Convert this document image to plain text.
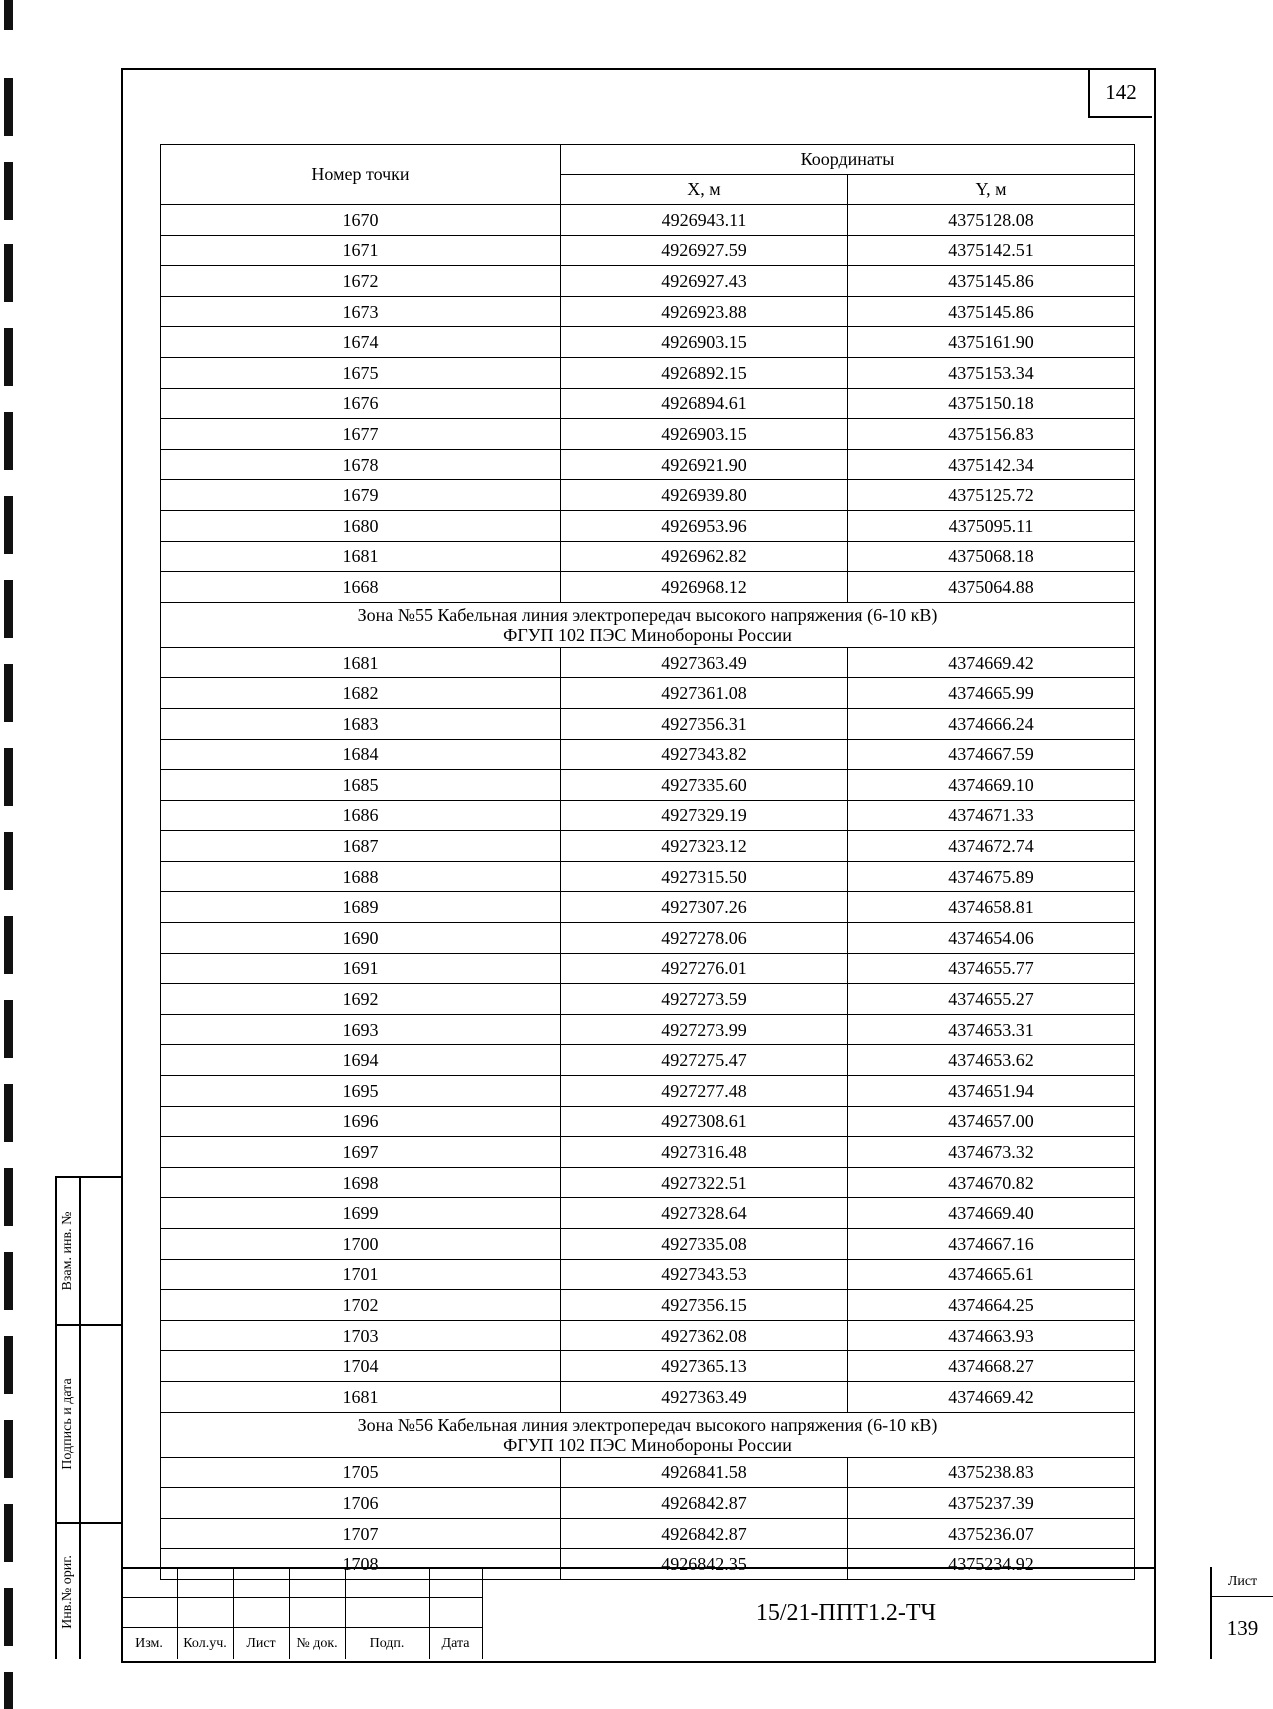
142
Взам. инв. №
Подпись и дата
Инв.№ ориг.
Номер точки	Координаты	
	X, м	Y, м
1670	4926943.11	4375128.08
1671	4926927.59	4375142.51
1672	4926927.43	4375145.86
1673	4926923.88	4375145.86
1674	4926903.15	4375161.90
1675	4926892.15	4375153.34
1676	4926894.61	4375150.18
1677	4926903.15	4375156.83
1678	4926921.90	4375142.34
1679	4926939.80	4375125.72
1680	4926953.96	4375095.11
1681	4926962.82	4375068.18
1668	4926968.12	4375064.88

Зона №55 Кабельная линия электропередач высокого напряжения (6-10 кВ)
ФГУП 102 ПЭС Минобороны России		

1681	4927363.49	4374669.42
1682	4927361.08	4374665.99
1683	4927356.31	4374666.24
1684	4927343.82	4374667.59
1685	4927335.60	4374669.10
1686	4927329.19	4374671.33
1687	4927323.12	4374672.74
1688	4927315.50	4374675.89
1689	4927307.26	4374658.81
1690	4927278.06	4374654.06
1691	4927276.01	4374655.77
1692	4927273.59	4374655.27
1693	4927273.99	4374653.31
1694	4927275.47	4374653.62
1695	4927277.48	4374651.94
1696	4927308.61	4374657.00
1697	4927316.48	4374673.32
1698	4927322.51	4374670.82
1699	4927328.64	4374669.40
1700	4927335.08	4374667.16
1701	4927343.53	4374665.61
1702	4927356.15	4374664.25
1703	4927362.08	4374663.93
1704	4927365.13	4374668.27
1681	4927363.49	4374669.42

Зона №56 Кабельная линия электропередач высокого напряжения (6-10 кВ)
ФГУП 102 ПЭС Минобороны России		

1705	4926841.58	4375238.83
1706	4926842.87	4375237.39
1707	4926842.87	4375236.07
1708	4926842.35	4375234.92
Изм.	Кол.уч.	Лист	№ док.	Подп.	Дата
15/21-ППТ1.2-ТЧ
Лист
139
